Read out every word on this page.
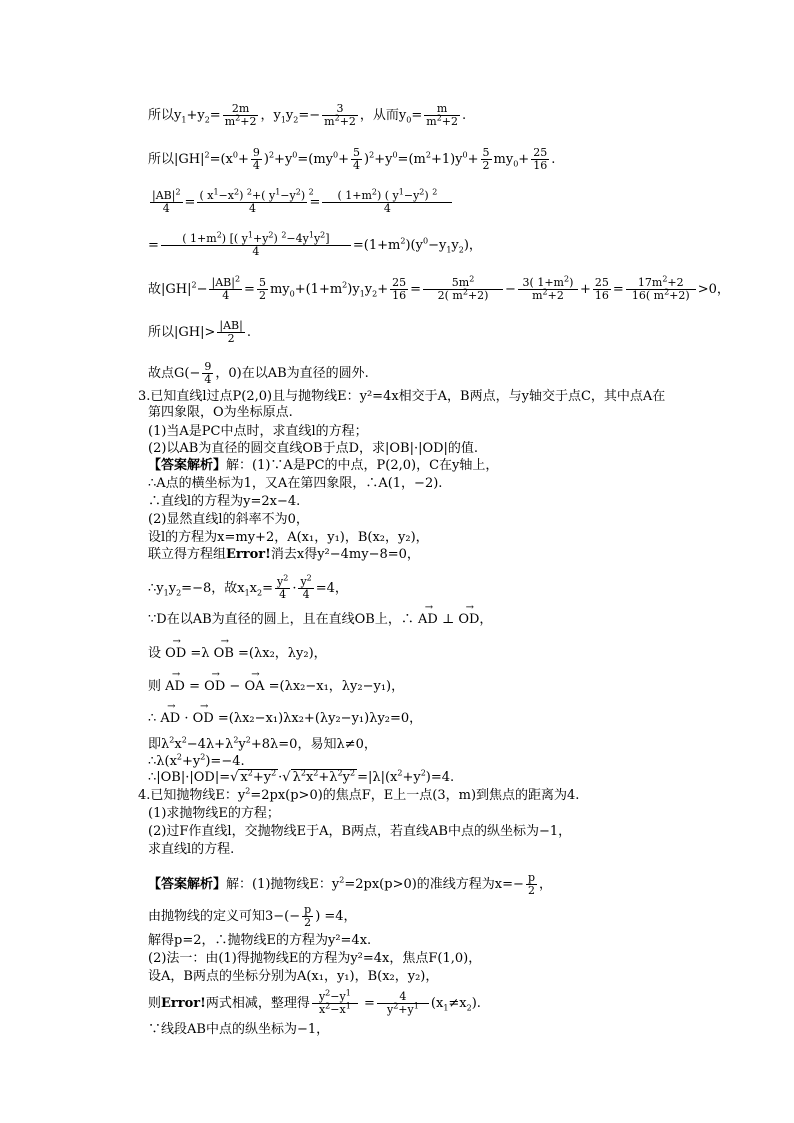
所以$y_1+y_2= \frac{2m}{m^2+2}$ ，$y_1y_2=- \frac{3}{m^2+2}$ ，从而$y_0= \frac{m}{m^2+2}$ .
所以$|GH|^2=(x^0+ \frac{9}{4} )^2+y^0=(my^0+ \frac{5}{4} )^2+y^0=(m^2+1)y^0+ \frac{5}{2} my_0+ \frac{25}{16}$ .
$\frac{|AB|^2}{4} = \frac{( x^1-x^2) ^2+( y^1-y^2) ^2}{4} = \frac{( 1+m^2) ( y^1-y^2) ^2}{4}$
= $\frac{( 1+m^2) [( y^1+y^2) ^2-4y^1y^2]}{4} =(1+m^2)(y^0-y_1y_2)$，
故$|GH|^2- \frac{|AB|^2}{4} = \frac{5}{2} my_0+(1+m^2)y_1y_2+ \frac{25}{16} = \frac{5m^2}{2( m^2+2)} - \frac{3( 1+m^2)}{m^2+2} + \frac{25}{16} = \frac{17m^2+2}{16( m^2+2)} >0$，
所以$|GH|> \frac{|AB|}{2}$ .
故点$G(- \frac{9}{4}$ ，0)在以AB为直径的圆外.
3.已知直线l过点P(2,0)且与抛物线E：y²=4x相交于A，B两点，与y轴交于点C，其中点A在
第四象限，O为坐标原点.
(1)当A是PC中点时，求直线l的方程；
(2)以AB为直径的圆交直线OB于点D，求|OB|·|OD|的值.
【答案解析】解：(1)∵A是PC的中点，P(2,0)，C在y轴上，
∴A点的横坐标为1，又A在第四象限，∴A(1，−2).
∴直线l的方程为y=2x−4.
(2)显然直线l的斜率不为0，
设l的方程为x=my+2，A(x₁，y₁)，B(x₂，y₂)，
联立得方程组Error!消去x得y²−4my−8=0，
$\therefore y_1y_2=-8$，故$x_1x_2= \frac{y^2}{4} \cdot \frac{y^2}{4} =4$，
∵D在以AB为直径的圆上，且在直线OB上，∴ → AD ⊥ → OD，
设 → OD =λ → OB =(λx₂，λy₂)，
则 → AD = → OD − → OA =(λx₂−x₁，λy₂−y₁)，
∴ → AD · → OD =(λx₂−x₁)λx₂+(λy₂−y₁)λy₂=0，
即$\lambda^2x^2-4\lambda+\lambda^2y^2+8\lambda=0$，易知λ≠0，
$\therefore\lambda(x^2+y^2)=-4$.
∴|OB|·|OD|=√ $x^2+y^2$ ·√ $\lambda^2x^2+\lambda^2y^2 =|\lambda|(x^2+y^2)=4$.
4.已知抛物线E：$y^2=2px(p>0)$的焦点F，E上一点(3，m)到焦点的距离为4.
(1)求抛物线E的方程；
(2)过F作直线l，交抛物线E于A，B两点，若直线AB中点的纵坐标为−1，
求直线l的方程.
【答案解析】解：(1)抛物线E：$y^2=2px(p>0)$的准线方程为$x=- \frac{p}{2}$ ，
由抛物线的定义可知$3-(- \frac{p}{2}$ ) =4，
解得p=2，∴抛物线E的方程为y²=4x.
(2)法一：由(1)得抛物线E的方程为y²=4x，焦点F(1,0)，
设A，B两点的坐标分别为A(x₁，y₁)，B(x₂，y₂)，
则Error!两式相减，整理得 $\frac{y^2-y^1}{x^2-x^1} = \frac{4}{y^2+y^1} (x_1\ne x_2)$.
∵线段AB中点的纵坐标为−1，
